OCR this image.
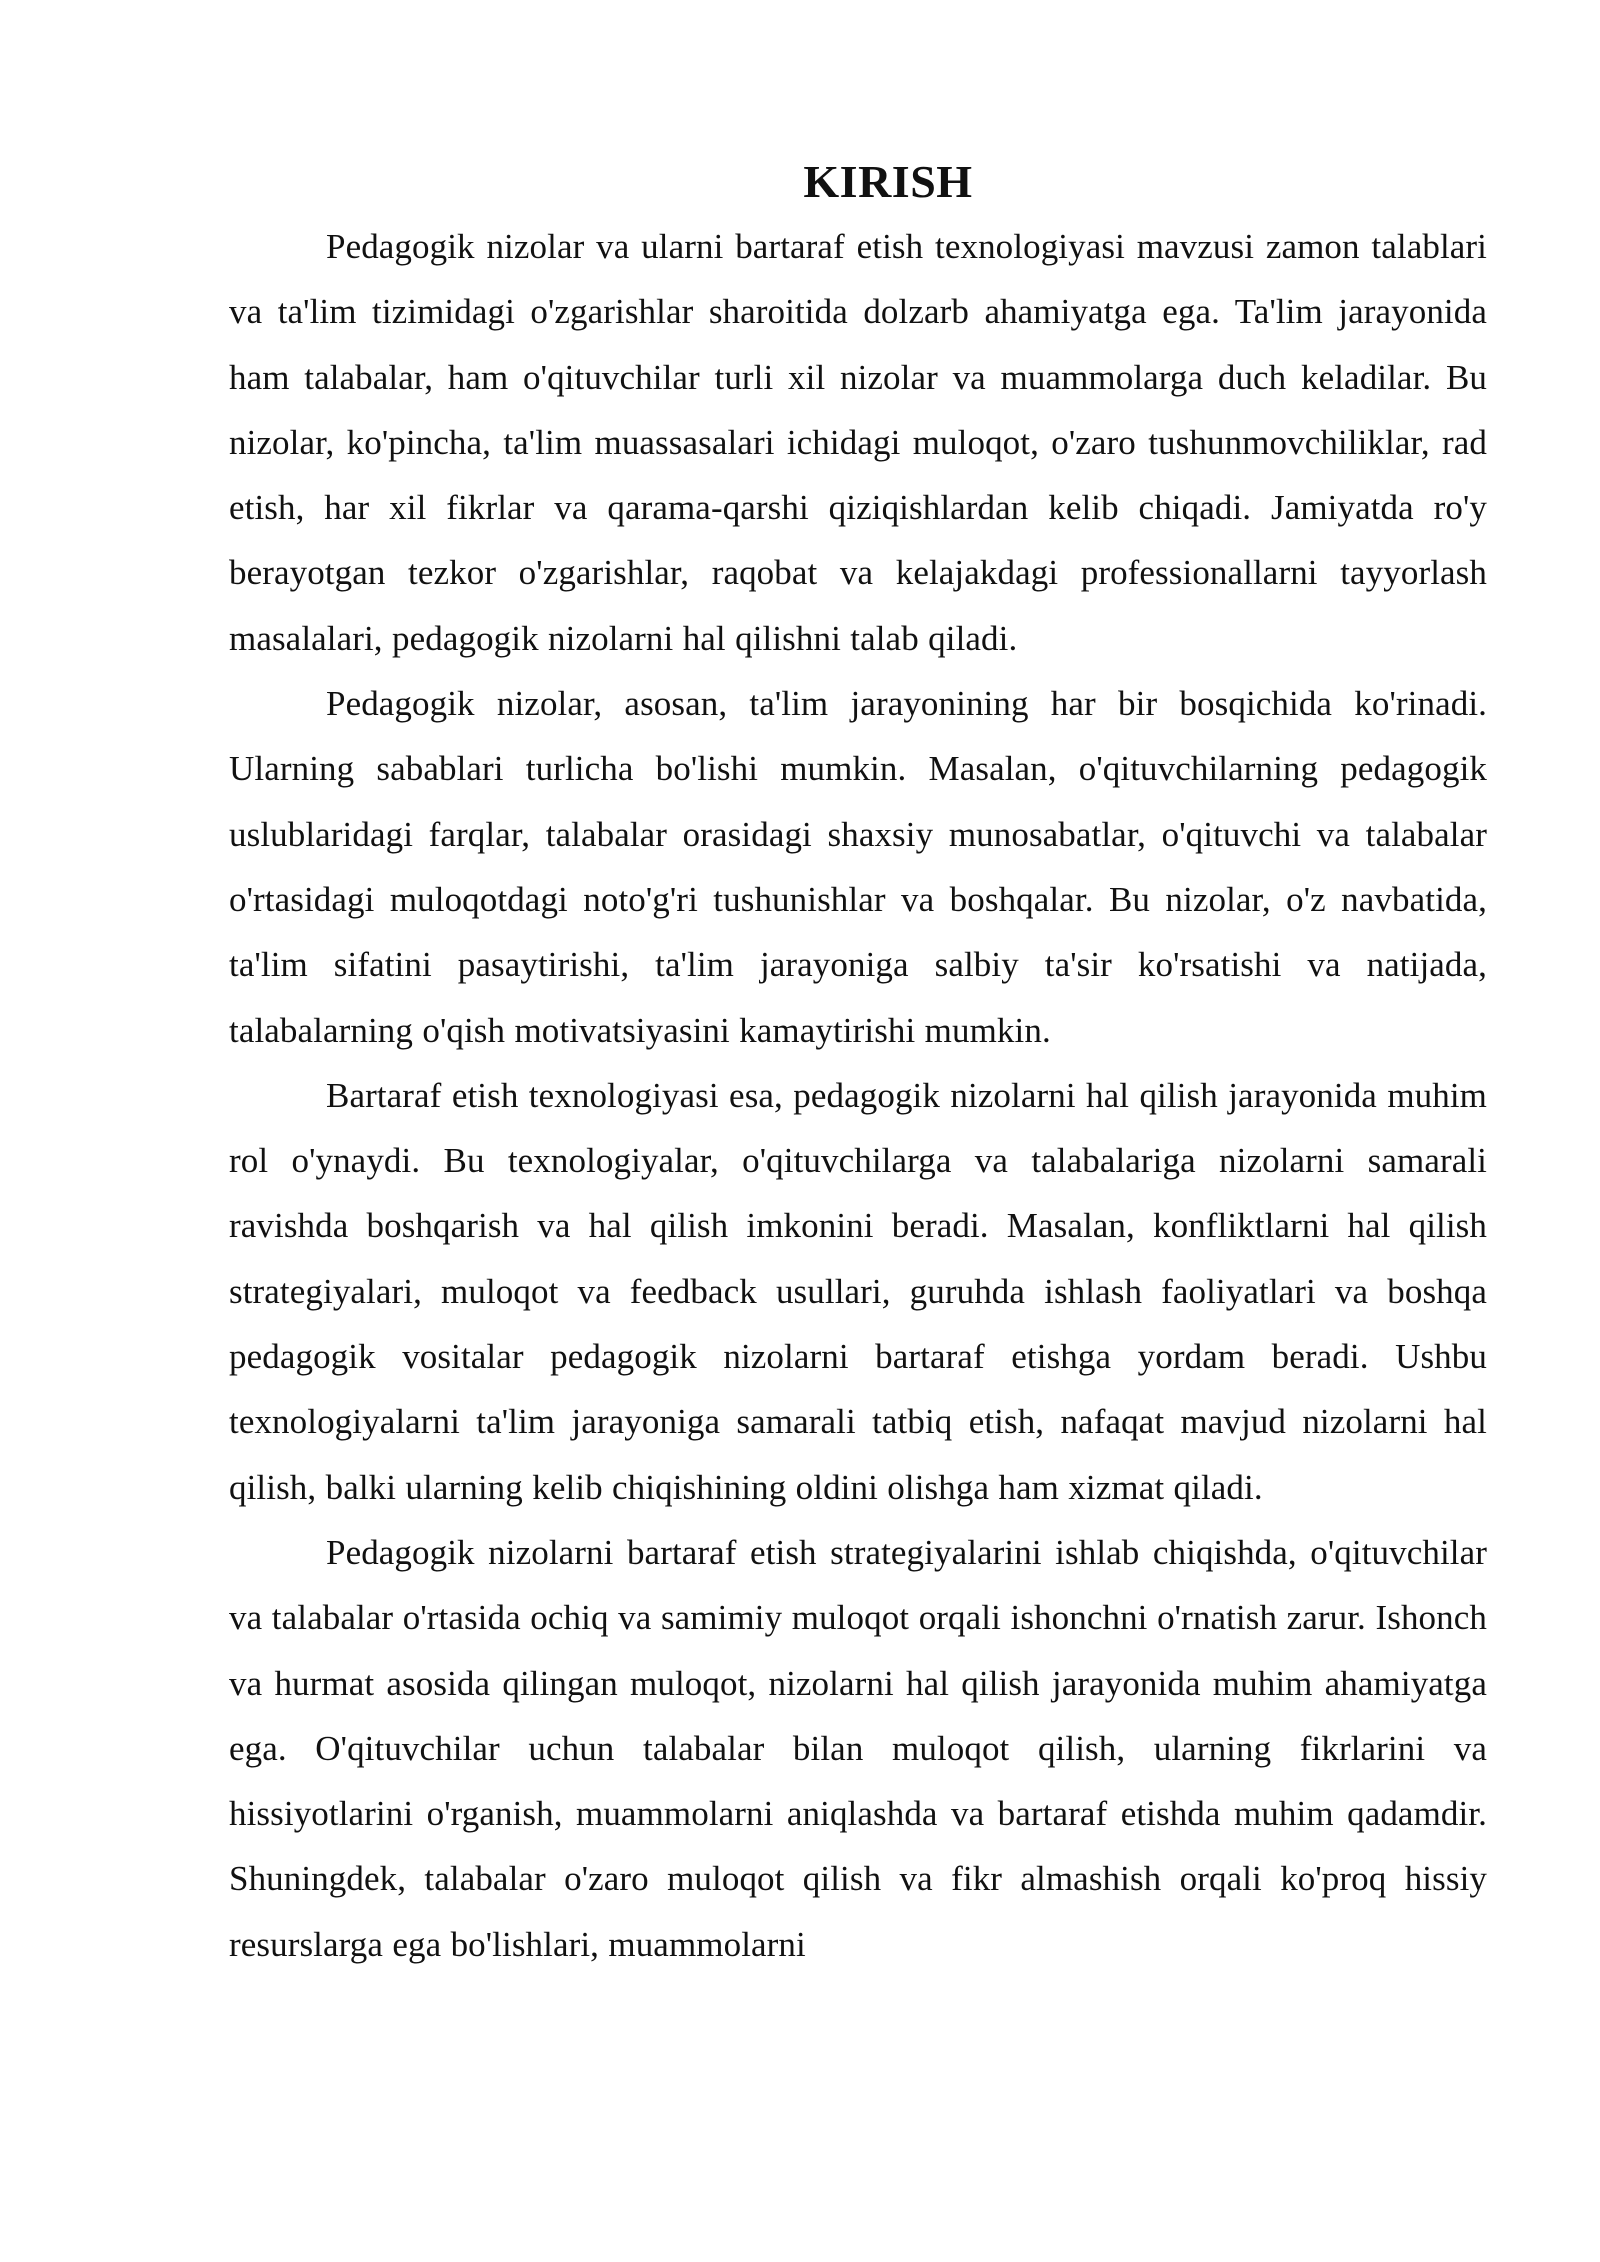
KIRISH

Pedagogik nizolar va ularni bartaraf etish texnologiyasi mavzusi zamon talablari va ta'lim tizimidagi o'zgarishlar sharoitida dolzarb ahamiyatga ega. Ta'lim jarayonida ham talabalar, ham o'qituvchilar turli xil nizolar va muammolarga duch keladilar. Bu nizolar, ko'pincha, ta'lim muassasalari ichidagi muloqot, o'zaro tushunmovchiliklar, rad etish, har xil fikrlar va qarama-qarshi qiziqishlardan kelib chiqadi. Jamiyatda ro'y berayotgan tezkor o'zgarishlar, raqobat va kelajakdagi professionallarni tayyorlash masalalari, pedagogik nizolarni hal qilishni talab qiladi.

Pedagogik nizolar, asosan, ta'lim jarayonining har bir bosqichida ko'rinadi. Ularning sabablari turlicha bo'lishi mumkin. Masalan, o'qituvchilarning pedagogik uslublaridagi farqlar, talabalar orasidagi shaxsiy munosabatlar, o'qituvchi va talabalar o'rtasidagi muloqotdagi noto'g'ri tushunishlar va boshqalar. Bu nizolar, o'z navbatida, ta'lim sifatini pasaytirishi, ta'lim jarayoniga salbiy ta'sir ko'rsatishi va natijada, talabalarning o'qish motivatsiyasini kamaytirishi mumkin.

Bartaraf etish texnologiyasi esa, pedagogik nizolarni hal qilish jarayonida muhim rol o'ynaydi. Bu texnologiyalar, o'qituvchilarga va talabalariga nizolarni samarali ravishda boshqarish va hal qilish imkonini beradi. Masalan, konfliktlarni hal qilish strategiyalari, muloqot va feedback usullari, guruhda ishlash faoliyatlari va boshqa pedagogik vositalar pedagogik nizolarni bartaraf etishga yordam beradi. Ushbu texnologiyalarni ta'lim jarayoniga samarali tatbiq etish, nafaqat mavjud nizolarni hal qilish, balki ularning kelib chiqishining oldini olishga ham xizmat qiladi.

Pedagogik nizolarni bartaraf etish strategiyalarini ishlab chiqishda, o'qituvchilar va talabalar o'rtasida ochiq va samimiy muloqot orqali ishonchni o'rnatish zarur. Ishonch va hurmat asosida qilingan muloqot, nizolarni hal qilish jarayonida muhim ahamiyatga ega. O'qituvchilar uchun talabalar bilan muloqot qilish, ularning fikrlarini va hissiyotlarini o'rganish, muammolarni aniqlashda va bartaraf etishda muhim qadamdir. Shuningdek, talabalar o'zaro muloqot qilish va fikr almashish orqali ko'proq hissiy resurslarga ega bo'lishlari, muammolarni
